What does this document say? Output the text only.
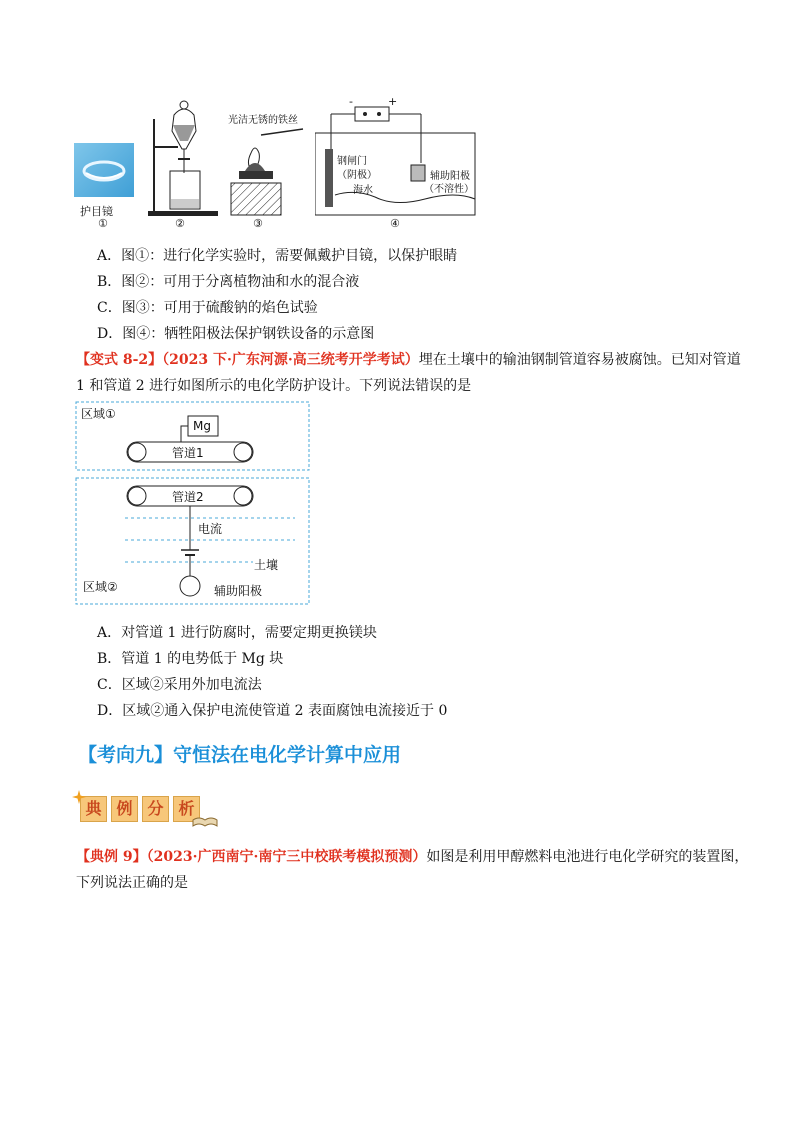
护目镜
①	②
光洁无锈的铁丝
③
-	+
钢闸门
（阴极）
海水
辅助阳极
（不溶性）
④
A．图①：进行化学实验时，需要佩戴护目镜，以保护眼睛
B．图②：可用于分离植物油和水的混合液
C．图③：可用于硫酸钠的焰色试验
D．图④：牺牲阳极法保护钢铁设备的示意图
【变式 8-2】（2023 下·广东河源·高三统考开学考试）埋在土壤中的输油钢制管道容易被腐蚀。已知对管道
1 和管道 2 进行如图所示的电化学防护设计。下列说法错误的是
区域①
Mg
管道1
管道2
电流
土壤
区域②	辅助阳极
A．对管道 1 进行防腐时，需要定期更换镁块
B．管道 1 的电势低于 Mg 块
C．区域②采用外加电流法
D．区域②通入保护电流使管道 2 表面腐蚀电流接近于 0
【考向九】守恒法在电化学计算中应用
典 例 分 析
【典例 9】（2023·广西南宁·南宁三中校联考模拟预测）如图是利用甲醇燃料电池进行电化学研究的装置图，
下列说法正确的是
